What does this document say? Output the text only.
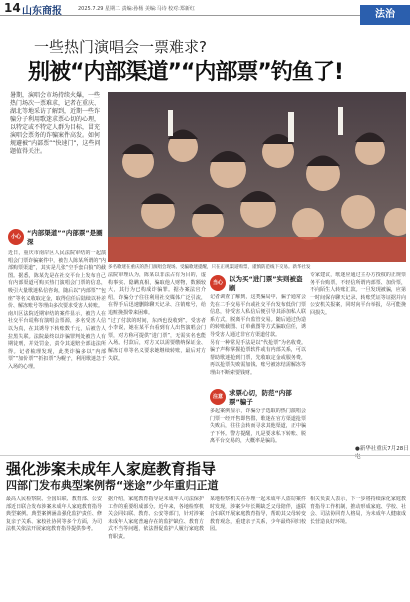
14 山东商报	2025.7.29 星期二 责编:孙杨 美编:马诗 校对:郑新红	法治
一些热门演唱会一票难求?
别被“内部渠道”“内部票”钓鱼了!
暑期，演唱会市场持续火爆，一些热门场次一票难求，记者在重庆、湖北等地采访了解到，近期一些诈骗分子利用歌迷求票心切的心理，以特定或不特定人群为目标，冒充演唱会票务的诈骗案件高发。如何规避被“内部票”“快速门”，这些问题值得关注。
多名歌迷在重庆的热门演唱会现场。受骗歌迷提醒，只在正规渠道购票，谨慎防范线下交易。新华社发
小心 “内部渠道”“内部票”是圈深

近日，重庆市南岸区人民法院审结的一起演唱会门票诈骗案件中，被告人陈某所谓的“内部购票渠道”，其实是几张“空手套白狼”的截图。据悉，陈某先是在社交平台上发布自己有内部渠道可购买热门演唱会门票的信息，吸引大量歌迷私信咨询，随后以“内部票”“包座”等名义收取定金，取得信任后陆续以补差价、解冻账号等理由多次要求受害人转账。

南川区法院近期审结的案件显示，被告人在社交平台谎称有演唱会票源，多名受害人信以为真，在其诱导下转账数千元，后被告人拉黑失联。法院最终以诈骗罪判处被告人有期徒刑，并处罚金，责令其退赔全部违法所得。记者梳理发现，此类诈骗多以“内部票”“加价票”“折扣票”为幌子，利用歌迷急于入场的心理。

法院审理认为，陈某以非法占有为目的，虚构事实、隐瞒真相，骗取他人财物，数额较大，其行为已构成诈骗罪。据办案法官介绍，诈骗分子往往利用社交媒体广泛引流，在得手后迅速删除聊天记录、注销账号，给追赃挽损带来困难。

“过了付款的时间，东西也没收到”。受害者小李说，她在某平台看到有人出售演唱会门票，对方称可提供“进门票”，无需实名也能入场。付款后，对方又以需要缴纳保证金、解冻订单等名义要求她继续转账，最后对方失联。

当心 以为买“进门票”实则被盗刷

记者调查了解到，这类骗局中，骗子通常会先在二手交易平台或社交平台发布低价门票信息，待受害人私信后便引导其添加私人联系方式，脱离平台监管交易。随后通过伪造的转账截图、订单截图等方式骗取信任，诱导受害人通过非官方渠道付款。

另有一种常见手法是以“代抢票”为名收费。骗子声称掌握抢票软件或有内部关系，可以帮助歌迷抢到门票，先收取定金或服务费，再以抢票失败需加钱、账号被冻结需解冻等理由不断索要钱财。

注意 求票心切，防范“内部票”骗子

多起案例显示，诈骗分子选取的热门演唱会门票一经开售即售罄，歌迷在官方渠道抢票失败后，往往会转而寻求其他渠道，正中骗子下怀。警方提醒，凡是要求私下转账、脱离平台交易的，大概率是骗局。

专家建议，歌迷应通过主办方授权的正规票务平台购票，不轻信所谓内部票、加价票，不向陌生人转账汇款。一旦发现被骗，应第一时间保存聊天记录、转账凭证等证据并向公安机关报案，同时向平台举报，尽可能挽回损失。

●新华社重庆7月28日电
强化涉案未成年人家庭教育指导
四部门发布典型案例帮“迷途”少年重归正道

最高人民检察院、全国妇联、教育部、公安部近日联合发布涉案未成年人家庭教育指导典型案例。典型案例涵盖强化监护责任、修复亲子关系、家校社协同等多个方面，为司法机关依法开展家庭教育指导提供参考。

据介绍，家庭教育指导是未成年人司法保护工作的重要组成部分。近年来，各地检察机关会同妇联、教育、公安等部门，针对涉案未成年人家庭普遍存在的监护缺位、教育方式不当等问题，依法督促监护人履行家庭教育职责。

某地检察机关在办理一起未成年人盗窃案件时发现，涉案少年长期缺乏父母陪伴，遂联合妇联开展家庭教育指导，帮助其父母转变教育观念，重建亲子关系，少年最终回归校园。

相关负责人表示，下一步将持续深化家庭教育指导工作机制，推动形成家庭、学校、社会、司法协同育人格局，为未成年人健康成长营造良好环境。
